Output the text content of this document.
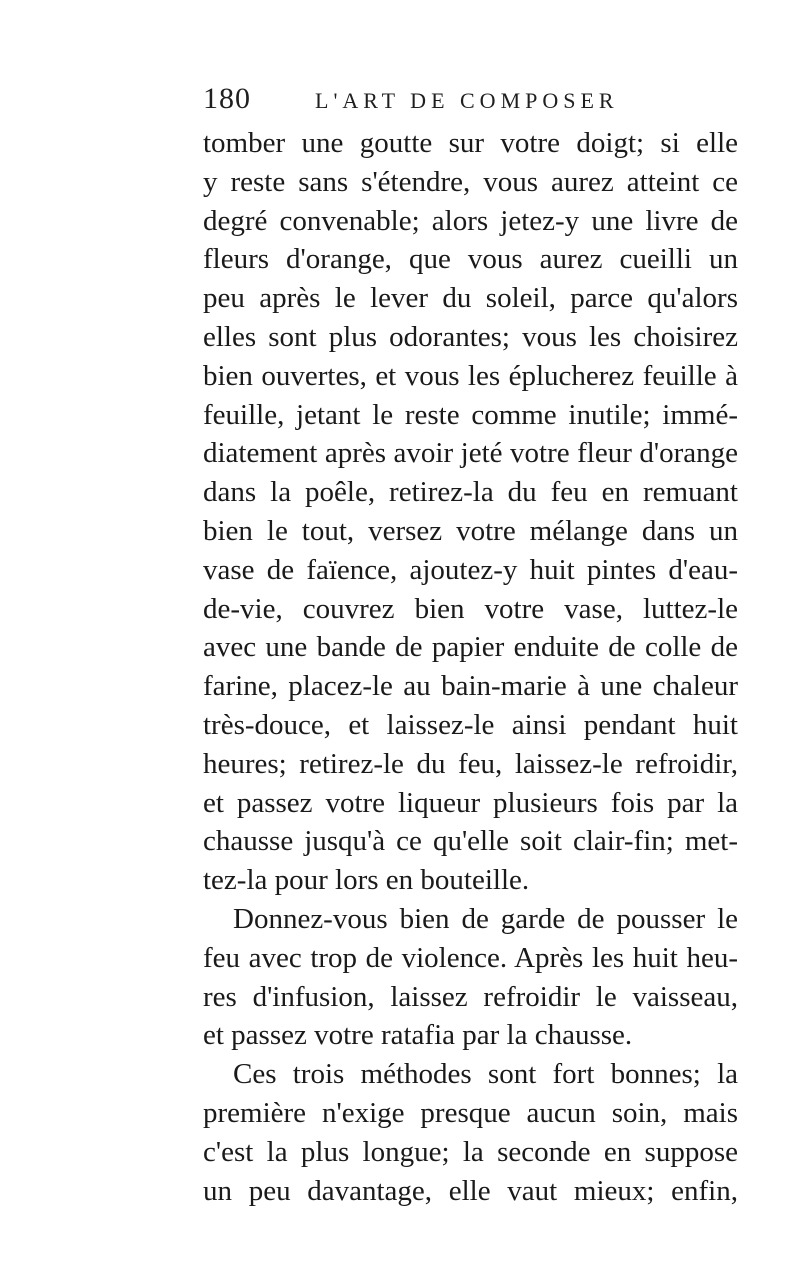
180	L'ART DE COMPOSER
tomber une goutte sur votre doigt; si elle
y reste sans s'étendre, vous aurez atteint ce
degré convenable; alors jetez-y une livre de
fleurs d'orange, que vous aurez cueilli un
peu après le lever du soleil, parce qu'alors
elles sont plus odorantes; vous les choisirez
bien ouvertes, et vous les éplucherez feuille à
feuille, jetant le reste comme inutile; immé-
diatement après avoir jeté votre fleur d'orange
dans la poêle, retirez-la du feu en remuant
bien le tout, versez votre mélange dans un
vase de faïence, ajoutez-y huit pintes d'eau-
de-vie, couvrez bien votre vase, luttez-le
avec une bande de papier enduite de colle de
farine, placez-le au bain-marie à une chaleur
très-douce, et laissez-le ainsi pendant huit
heures; retirez-le du feu, laissez-le refroidir,
et passez votre liqueur plusieurs fois par la
chausse jusqu'à ce qu'elle soit clair-fin; met-
tez-la pour lors en bouteille.
Donnez-vous bien de garde de pousser le
feu avec trop de violence. Après les huit heu-
res d'infusion, laissez refroidir le vaisseau,
et passez votre ratafia par la chausse.
Ces trois méthodes sont fort bonnes; la
première n'exige presque aucun soin, mais
c'est la plus longue; la seconde en suppose
un peu davantage, elle vaut mieux; enfin,
